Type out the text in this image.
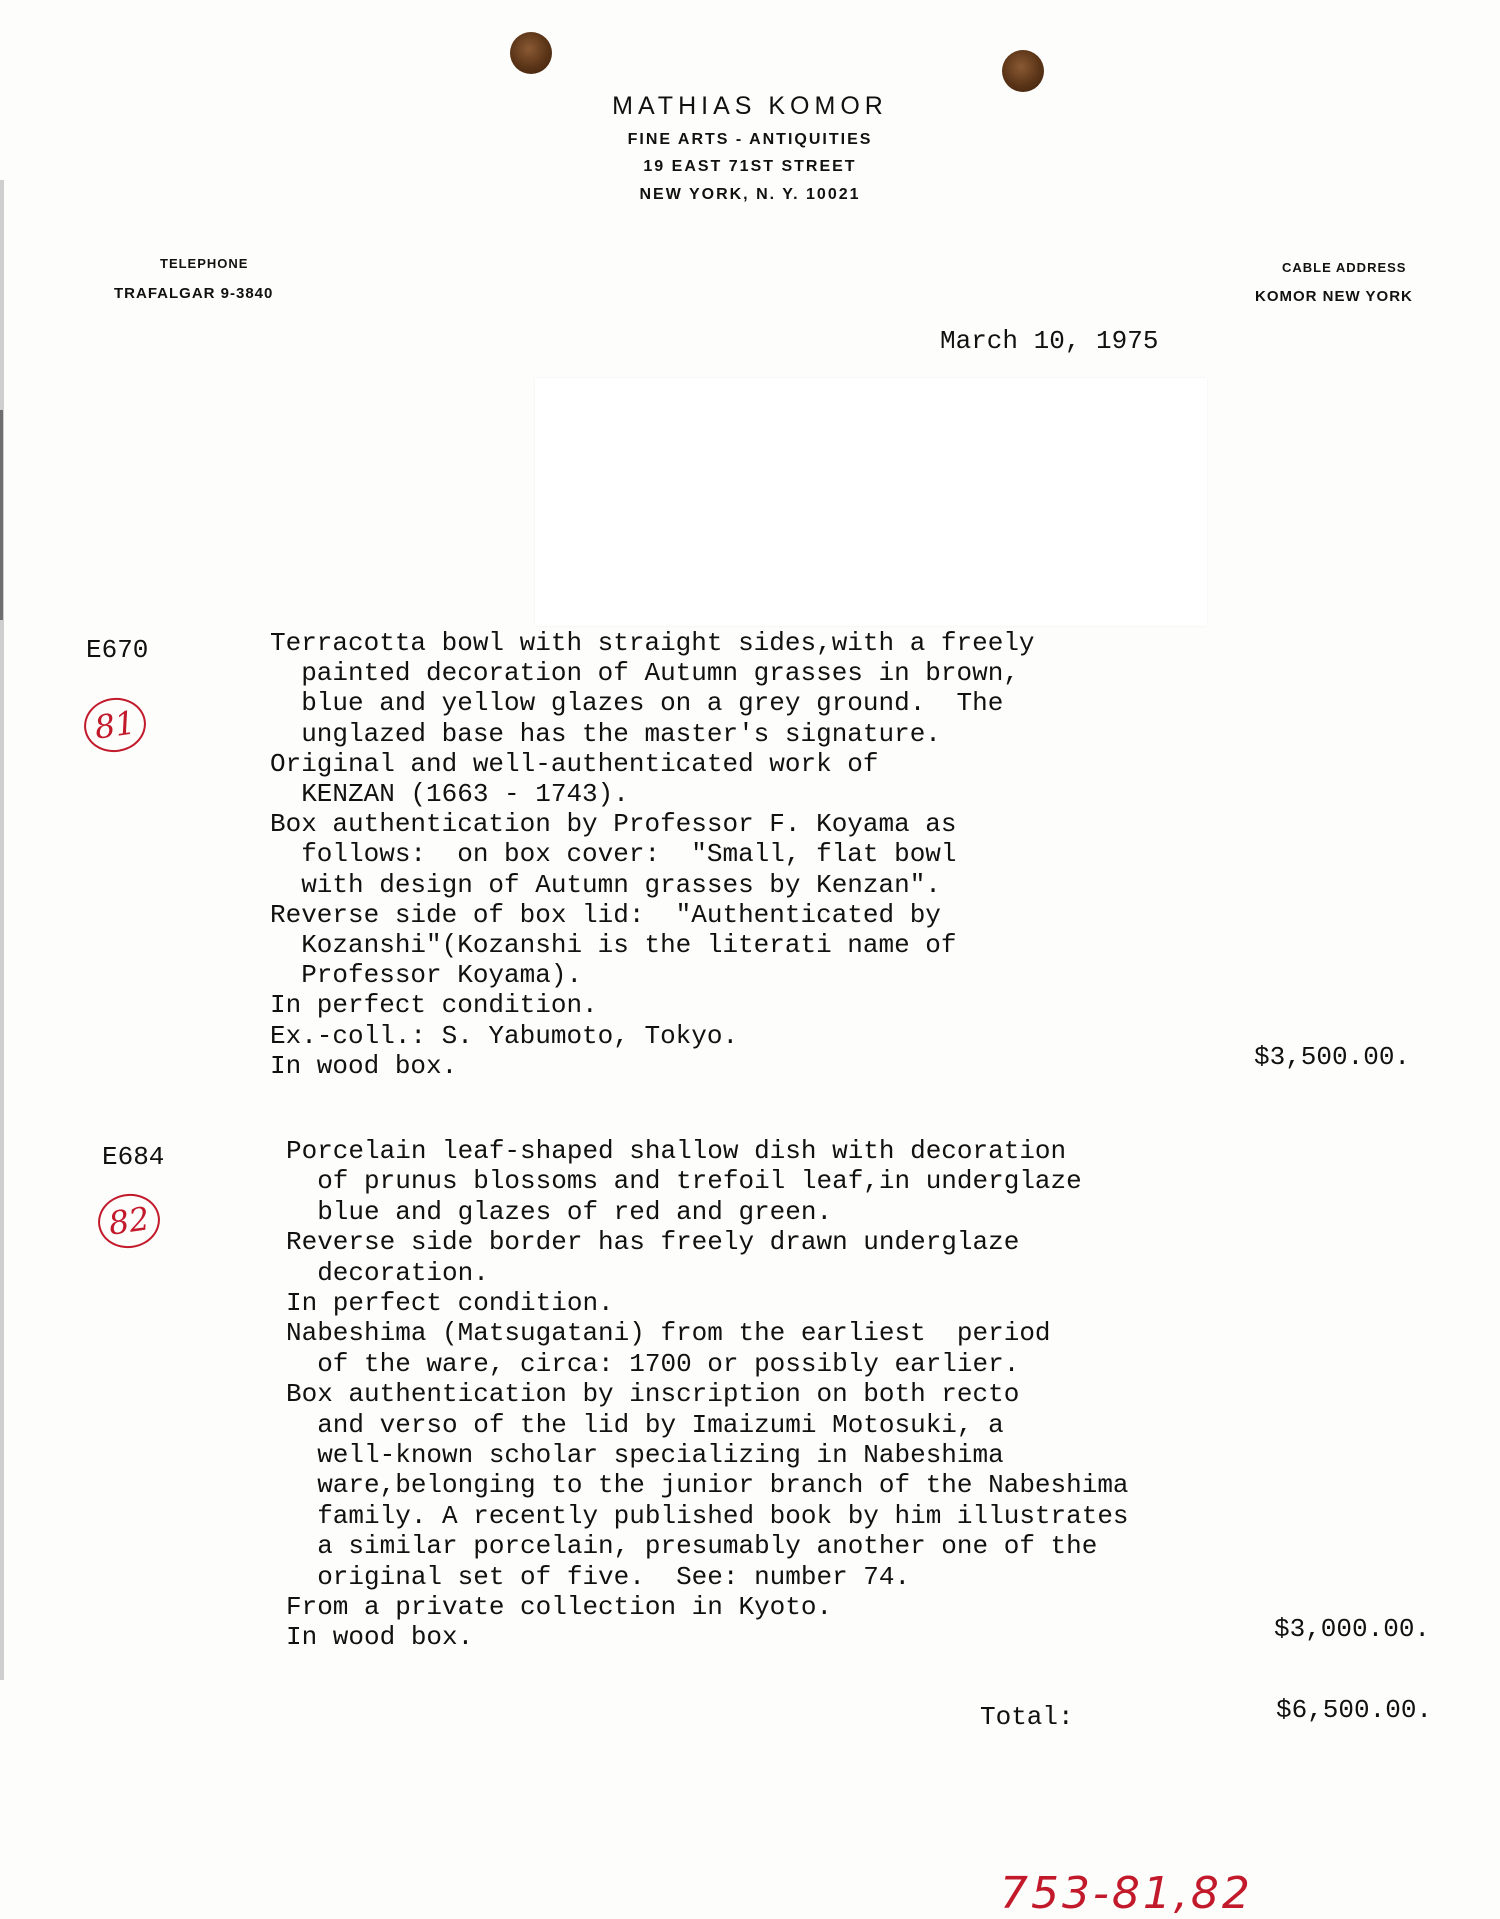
MATHIAS KOMOR
FINE ARTS - ANTIQUITIES
19 EAST 71ST STREET
NEW YORK, N. Y. 10021
TELEPHONE
TRAFALGAR 9-3840
CABLE ADDRESS
KOMOR NEW YORK
March 10, 1975
E670
81
Terracotta bowl with straight sides,with a freely
painted decoration of Autumn grasses in brown,
blue and yellow glazes on a grey ground.  The
unglazed base has the master's signature.
Original and well-authenticated work of
KENZAN (1663 - 1743).
Box authentication by Professor F. Koyama as
follows:  on box cover:  "Small, flat bowl
with design of Autumn grasses by Kenzan".
Reverse side of box lid:  "Authenticated by
Kozanshi"(Kozanshi is the literati name of
Professor Koyama).
In perfect condition.
Ex.-coll.: S. Yabumoto, Tokyo.
In wood box.	$3,500.00.
E684
82
Porcelain leaf-shaped shallow dish with decoration
of prunus blossoms and trefoil leaf,in underglaze
blue and glazes of red and green.
Reverse side border has freely drawn underglaze
decoration.
In perfect condition.
Nabeshima (Matsugatani) from the earliest  period
of the ware, circa: 1700 or possibly earlier.
Box authentication by inscription on both recto
and verso of the lid by Imaizumi Motosuki, a
well-known scholar specializing in Nabeshima
ware,belonging to the junior branch of the Nabeshima
family. A recently published book by him illustrates
a similar porcelain, presumably another one of the
original set of five.  See: number 74.
From a private collection in Kyoto.
In wood box.	$3,000.00.
Total:	$6,500.00.
753-81,82
